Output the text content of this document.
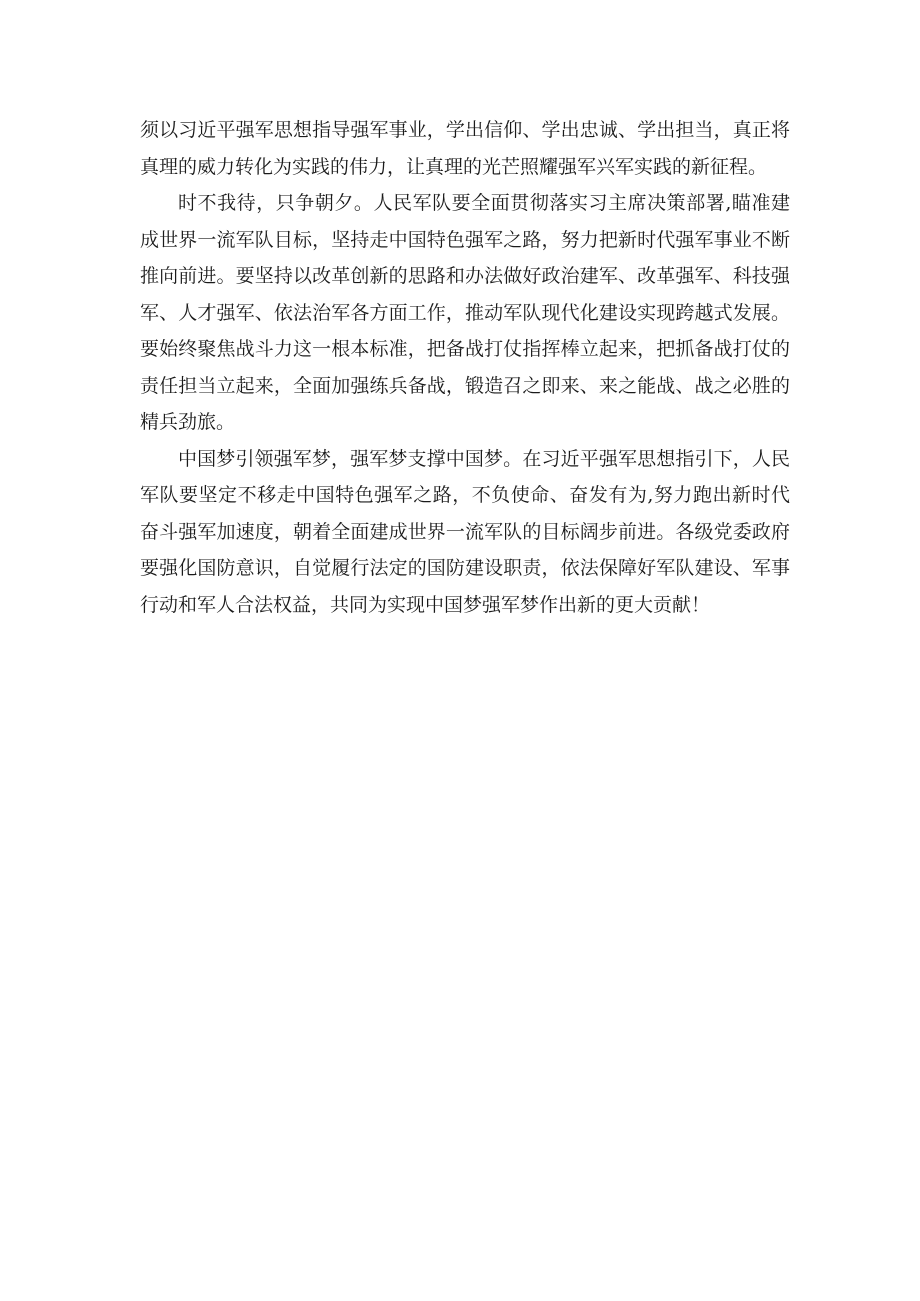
须以习近平强军思想指导强军事业，学出信仰、学出忠诚、学出担当，真正将真理的威力转化为实践的伟力，让真理的光芒照耀强军兴军实践的新征程。

时不我待，只争朝夕。人民军队要全面贯彻落实习主席决策部署,瞄准建成世界一流军队目标，坚持走中国特色强军之路，努力把新时代强军事业不断推向前进。要坚持以改革创新的思路和办法做好政治建军、改革强军、科技强军、人才强军、依法治军各方面工作，推动军队现代化建设实现跨越式发展。要始终聚焦战斗力这一根本标准，把备战打仗指挥棒立起来，把抓备战打仗的责任担当立起来，全面加强练兵备战，锻造召之即来、来之能战、战之必胜的精兵劲旅。

中国梦引领强军梦，强军梦支撑中国梦。在习近平强军思想指引下，人民军队要坚定不移走中国特色强军之路，不负使命、奋发有为,努力跑出新时代奋斗强军加速度，朝着全面建成世界一流军队的目标阔步前进。各级党委政府要强化国防意识，自觉履行法定的国防建设职责，依法保障好军队建设、军事行动和军人合法权益，共同为实现中国梦强军梦作出新的更大贡献！
